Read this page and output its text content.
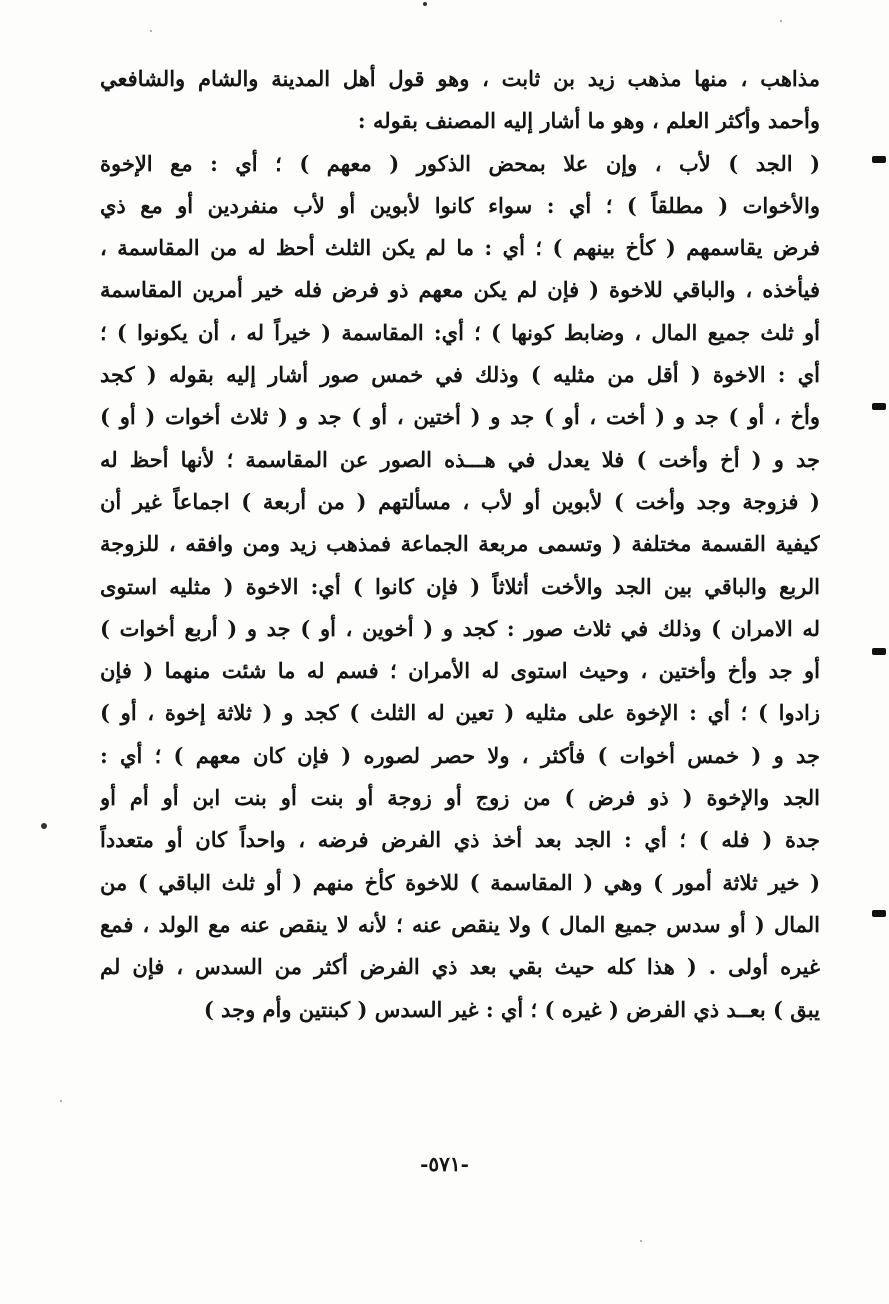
مذاهب ، منها مذهب زيد بن ثابت ، وهو قول أهل المدينة والشام والشافعي
وأحمد وأكثر العلم ، وهو ما أشار إليه المصنف بقوله :
( الجد ) لأب ، وإن علا بمحض الذكور ( معهم ) ؛ أي : مع الإخوة
والأخوات ( مطلقاً ) ؛ أي : سواء كانوا لأبوين أو لأب منفردين أو مع ذي
فرض يقاسمهم ( كأخ بينهم ) ؛ أي : ما لم يكن الثلث أحظ له من المقاسمة ،
فيأخذه ، والباقي للاخوة ( فإن لم يكن معهم ذو فرض فله خير أمرين المقاسمة
أو ثلث جميع المال ، وضابط كونها ) ؛ أي: المقاسمة ( خيراً له ، أن يكونوا ) ؛
أي : الاخوة ( أقل من مثليه ) وذلك في خمس صور أشار إليه بقوله ( كجد
وأخ ، أو ) جد و ( أخت ، أو ) جد و ( أختين ، أو ) جد و ( ثلاث أخوات ( أو )
جد و ( أخ وأخت ) فلا يعدل في هـــذه الصور عن المقاسمة ؛ لأنها أحظ له
( فزوجة وجد وأخت ) لأبوين أو لأب ، مسألتهم ( من أربعة ) اجماعاً غير أن
كيفية القسمة مختلفة ( وتسمى مربعة الجماعة فمذهب زيد ومن وافقه ، للزوجة
الربع والباقي بين الجد والأخت أثلاثاً ( فإن كانوا ) أي: الاخوة ( مثليه استوى
له الامران ) وذلك في ثلاث صور : كجد و ( أخوين ، أو ) جد و ( أربع أخوات )
أو جد وأخ وأختين ، وحيث استوى له الأمران ؛ فسم له ما شئت منهما ( فإن
زادوا ) ؛ أي : الإخوة على مثليه ( تعين له الثلث ) كجد و ( ثلاثة إخوة ، أو )
جد و ( خمس أخوات ) فأكثر ، ولا حصر لصوره ( فإن كان معهم ) ؛ أي :
الجد والإخوة ( ذو فرض ) من زوج أو زوجة أو بنت أو بنت ابن أو أم أو
جدة ( فله ) ؛ أي : الجد بعد أخذ ذي الفرض فرضه ، واحداً كان أو متعدداً
( خير ثلاثة أمور ) وهي ( المقاسمة ) للاخوة كأخ منهم ( أو ثلث الباقي ) من
المال ( أو سدس جميع المال ) ولا ينقص عنه ؛ لأنه لا ينقص عنه مع الولد ، فمع
غيره أولى . ( هذا كله حيث بقي بعد ذي الفرض أكثر من السدس ، فإن لم
يبق ) بعــد ذي الفرض ( غيره ) ؛ أي : غير السدس ( كبنتين وأم وجد )
-٥٧١-
